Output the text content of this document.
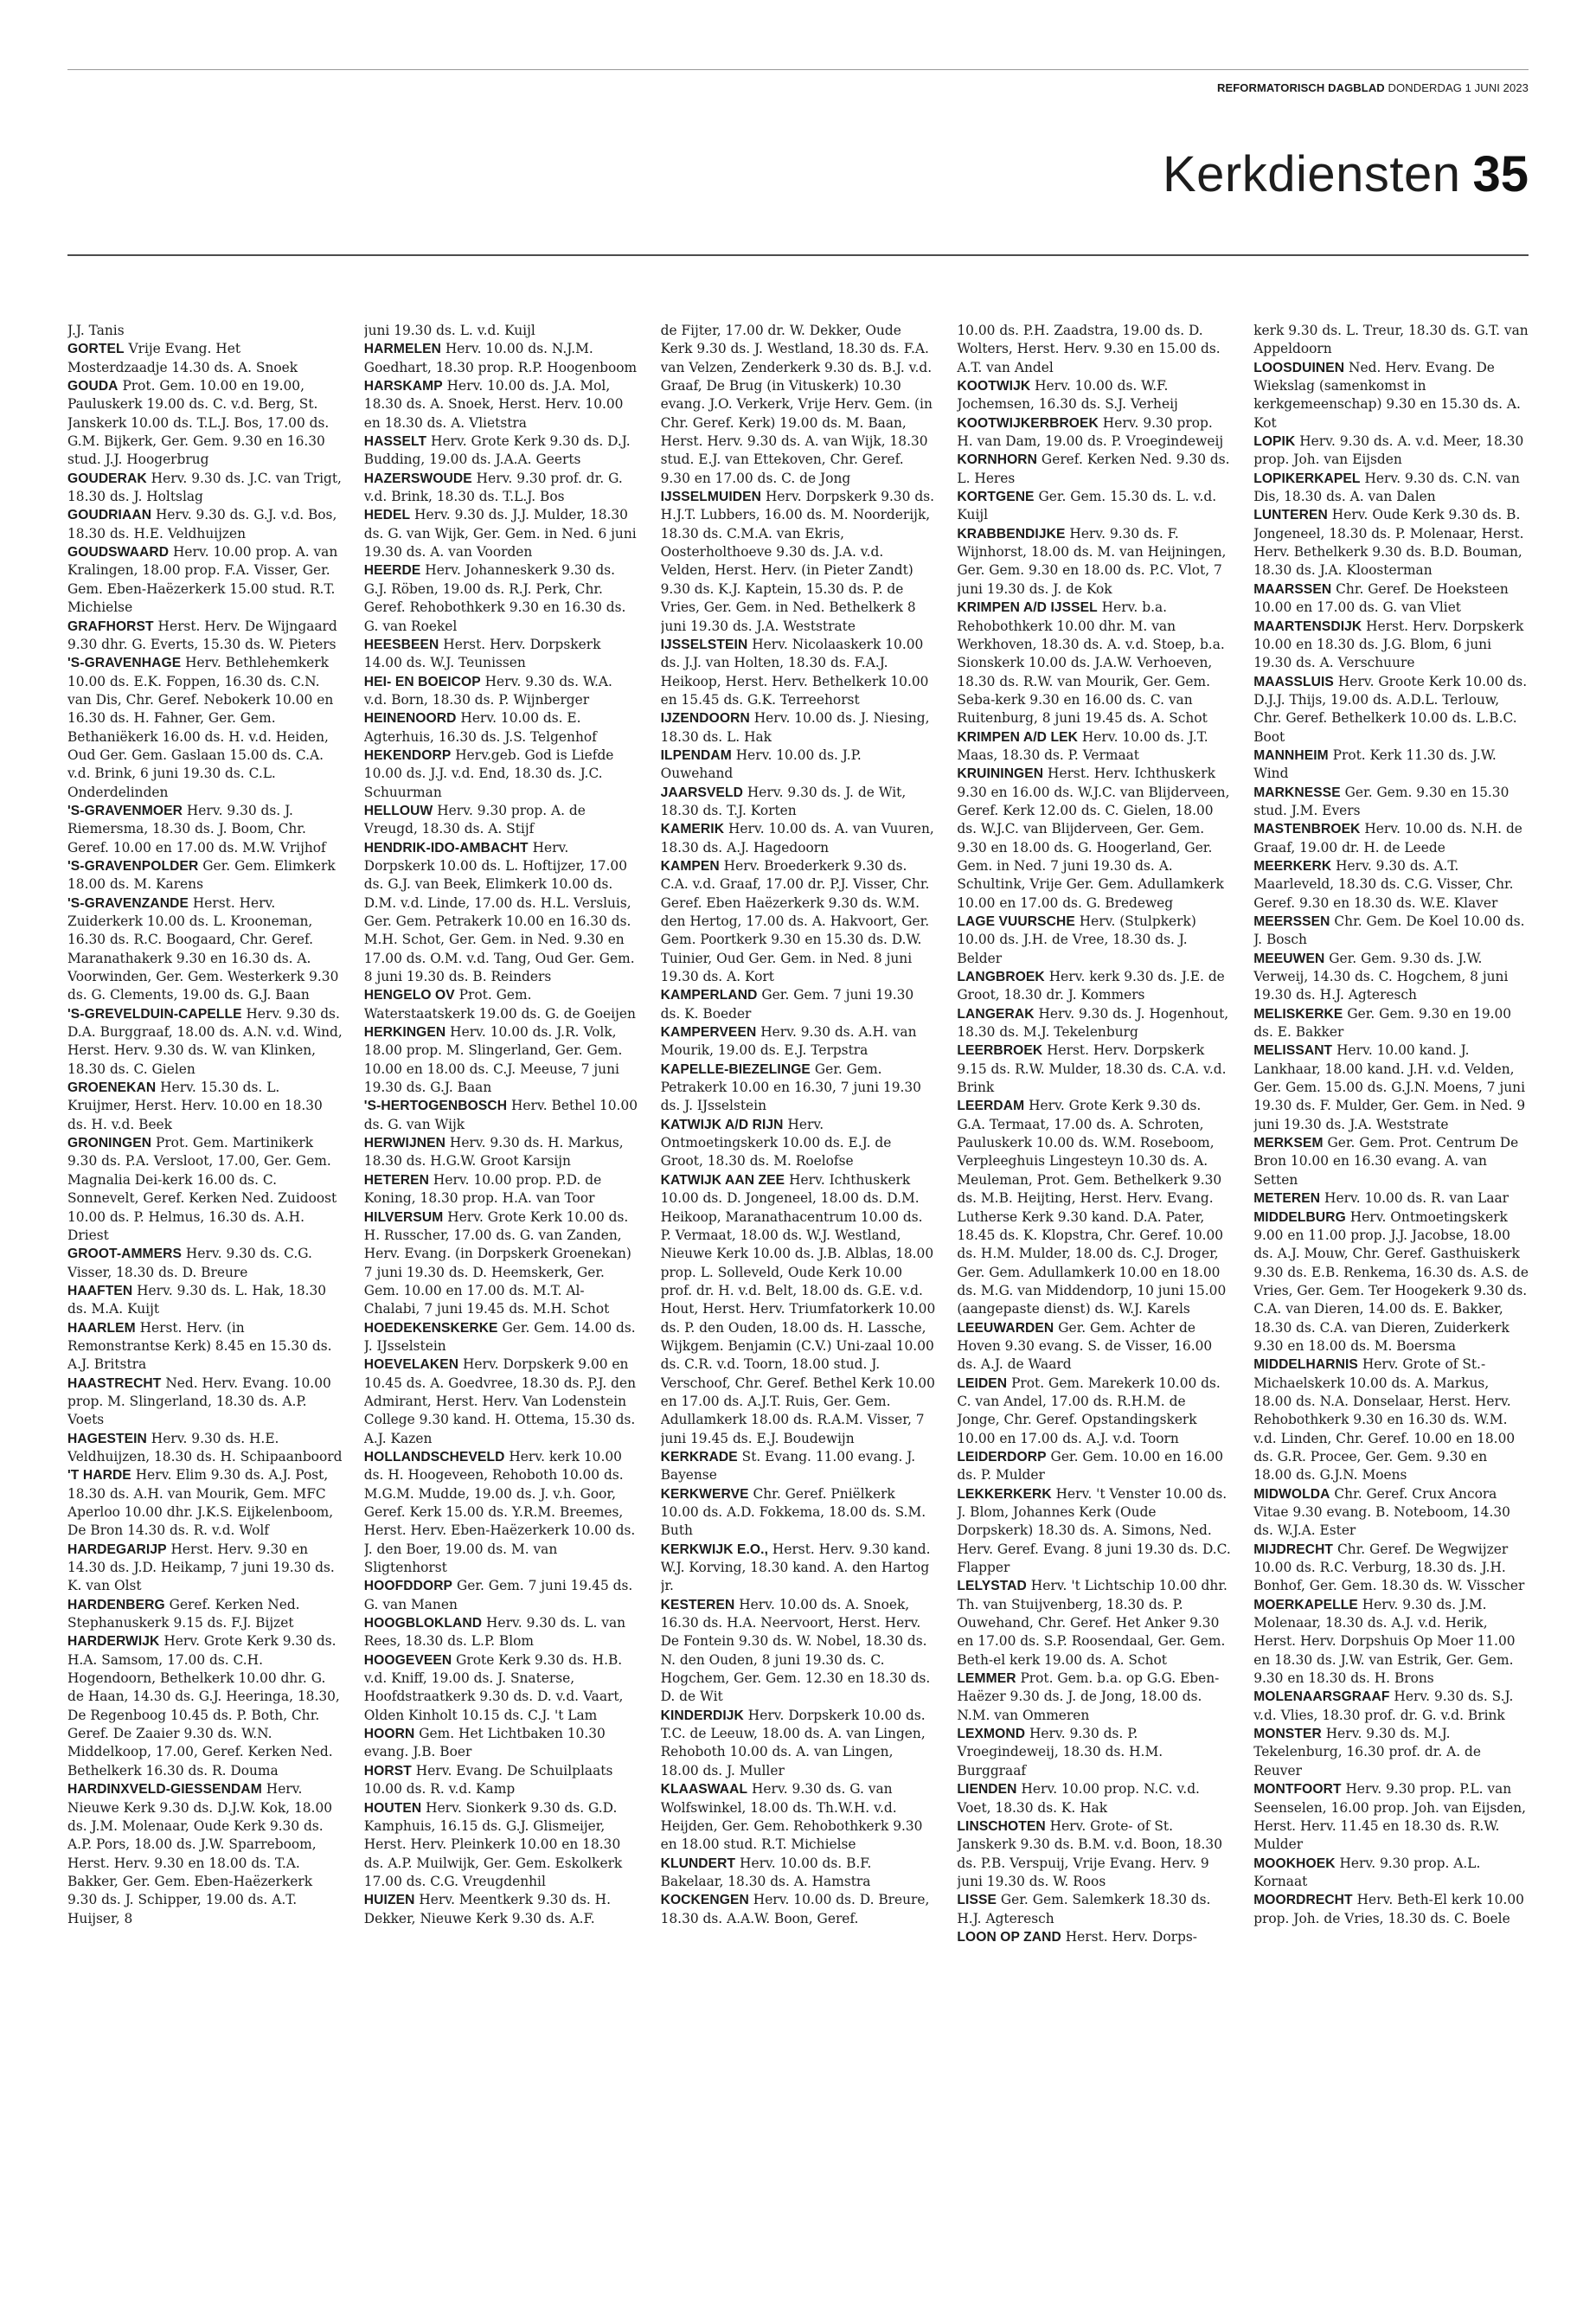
REFORMATORISCH DAGBLAD DONDERDAG 1 JUNI 2023
Kerkdiensten 35

J.J. Tanis

GORTEL Vrije Evang. Het Mosterdzaadje 14.30 ds. A. Snoek

GOUDA Prot. Gem. 10.00 en 19.00, Pauluskerk 19.00 ds. C. v.d. Berg, St. Janskerk 10.00 ds. T.L.J. Bos, 17.00 ds. G.M. Bijkerk, Ger. Gem. 9.30 en 16.30 stud. J.J. Hoogerbrug

GOUDERAK Herv. 9.30 ds. J.C. van Trigt, 18.30 ds. J. Holtslag

GOUDRIAAN Herv. 9.30 ds. G.J. v.d. Bos, 18.30 ds. H.E. Veldhuijzen

GOUDSWAARD Herv. 10.00 prop. A. van Kralingen, 18.00 prop. F.A. Visser, Ger. Gem. Eben-Haëzerkerk 15.00 stud. R.T. Michielse

GRAFHORST Herst. Herv. De Wijngaard 9.30 dhr. G. Everts, 15.30 ds. W. Pieters

'S-GRAVENHAGE Herv. Bethlehemkerk 10.00 ds. E.K. Foppen, 16.30 ds. C.N. van Dis, Chr. Geref. Nebokerk 10.00 en 16.30 ds. H. Fahner, Ger. Gem. Bethaniëkerk 16.00 ds. H. v.d. Heiden, Oud Ger. Gem. Gaslaan 15.00 ds. C.A. v.d. Brink, 6 juni 19.30 ds. C.L. Onderdelinden

'S-GRAVENMOER Herv. 9.30 ds. J. Riemersma, 18.30 ds. J. Boom, Chr. Geref. 10.00 en 17.00 ds. M.W. Vrijhof

'S-GRAVENPOLDER Ger. Gem. Elimkerk 18.00 ds. M. Karens

'S-GRAVENZANDE Herst. Herv. Zuiderkerk 10.00 ds. L. Krooneman, 16.30 ds. R.C. Boogaard, Chr. Geref. Maranathakerk 9.30 en 16.30 ds. A. Voorwinden, Ger. Gem. Westerkerk 9.30 ds. G. Clements, 19.00 ds. G.J. Baan

'S-GREVELDUIN-CAPELLE Herv. 9.30 ds. D.A. Burggraaf, 18.00 ds. A.N. v.d. Wind, Herst. Herv. 9.30 ds. W. van Klinken, 18.30 ds. C. Gielen

GROENEKAN Herv. 15.30 ds. L. Kruijmer, Herst. Herv. 10.00 en 18.30 ds. H. v.d. Beek

GRONINGEN Prot. Gem. Martinikerk 9.30 ds. P.A. Versloot, 17.00, Ger. Gem. Magnalia Dei-kerk 16.00 ds. C. Sonnevelt, Geref. Kerken Ned. Zuidoost 10.00 ds. P. Helmus, 16.30 ds. A.H. Driest

GROOT-AMMERS Herv. 9.30 ds. C.G. Visser, 18.30 ds. D. Breure

HAAFTEN Herv. 9.30 ds. L. Hak, 18.30 ds. M.A. Kuijt

HAARLEM Herst. Herv. (in Remonstrantse Kerk) 8.45 en 15.30 ds. A.J. Britstra

HAASTRECHT Ned. Herv. Evang. 10.00 prop. M. Slingerland, 18.30 ds. A.P. Voets

HAGESTEIN Herv. 9.30 ds. H.E. Veldhuijzen, 18.30 ds. H. Schipaanboord

'T HARDE Herv. Elim 9.30 ds. A.J. Post, 18.30 ds. A.H. van Mourik, Gem. MFC Aperloo 10.00 dhr. J.K.S. Eijkelenboom, De Bron 14.30 ds. R. v.d. Wolf

HARDEGARIJP Herst. Herv. 9.30 en 14.30 ds. J.D. Heikamp, 7 juni 19.30 ds. K. van Olst

HARDENBERG Geref. Kerken Ned. Stephanuskerk 9.15 ds. F.J. Bijzet

HARDERWIJK Herv. Grote Kerk 9.30 ds. H.A. Samsom, 17.00 ds. C.H. Hogendoorn, Bethelkerk 10.00 dhr. G. de Haan, 14.30 ds. G.J. Heeringa, 18.30, De Regenboog 10.45 ds. P. Both, Chr. Geref. De Zaaier 9.30 ds. W.N. Middelkoop, 17.00, Geref. Kerken Ned. Bethelkerk 16.30 ds. R. Douma

HARDINXVELD-GIESSENDAM Herv. Nieuwe Kerk 9.30 ds. D.J.W. Kok, 18.00 ds. J.M. Molenaar, Oude Kerk 9.30 ds. A.P. Pors, 18.00 ds. J.W. Sparreboom, Herst. Herv. 9.30 en 18.00 ds. T.A. Bakker, Ger. Gem. Eben-Haëzerkerk 9.30 ds. J. Schipper, 19.00 ds. A.T. Huijser, 8

juni 19.30 ds. L. v.d. Kuijl

HARMELEN Herv. 10.00 ds. N.J.M. Goedhart, 18.30 prop. R.P. Hoogenboom

HARSKAMP Herv. 10.00 ds. J.A. Mol, 18.30 ds. A. Snoek, Herst. Herv. 10.00 en 18.30 ds. A. Vlietstra

HASSELT Herv. Grote Kerk 9.30 ds. D.J. Budding, 19.00 ds. J.A.A. Geerts

HAZERSWOUDE Herv. 9.30 prof. dr. G. v.d. Brink, 18.30 ds. T.L.J. Bos

HEDEL Herv. 9.30 ds. J.J. Mulder, 18.30 ds. G. van Wijk, Ger. Gem. in Ned. 6 juni 19.30 ds. A. van Voorden

HEERDE Herv. Johanneskerk 9.30 ds. G.J. Röben, 19.00 ds. R.J. Perk, Chr. Geref. Rehobothkerk 9.30 en 16.30 ds. G. van Roekel

HEESBEEN Herst. Herv. Dorpskerk 14.00 ds. W.J. Teunissen

HEI- EN BOEICOP Herv. 9.30 ds. W.A. v.d. Born, 18.30 ds. P. Wijnberger

HEINENOORD Herv. 10.00 ds. E. Agterhuis, 16.30 ds. J.S. Telgenhof

HEKENDORP Herv.geb. God is Liefde 10.00 ds. J.J. v.d. End, 18.30 ds. J.C. Schuurman

HELLOUW Herv. 9.30 prop. A. de Vreugd, 18.30 ds. A. Stijf

HENDRIK-IDO-AMBACHT Herv. Dorpskerk 10.00 ds. L. Hoftijzer, 17.00 ds. G.J. van Beek, Elimkerk 10.00 ds. D.M. v.d. Linde, 17.00 ds. H.L. Versluis, Ger. Gem. Petrakerk 10.00 en 16.30 ds. M.H. Schot, Ger. Gem. in Ned. 9.30 en 17.00 ds. O.M. v.d. Tang, Oud Ger. Gem. 8 juni 19.30 ds. B. Reinders

HENGELO OV Prot. Gem. Waterstaatskerk 19.00 ds. G. de Goeijen

HERKINGEN Herv. 10.00 ds. J.R. Volk, 18.00 prop. M. Slingerland, Ger. Gem. 10.00 en 18.00 ds. C.J. Meeuse, 7 juni 19.30 ds. G.J. Baan

'S-HERTOGENBOSCH Herv. Bethel 10.00 ds. G. van Wijk

HERWIJNEN Herv. 9.30 ds. H. Markus, 18.30 ds. H.G.W. Groot Karsijn

HETEREN Herv. 10.00 prop. P.D. de Koning, 18.30 prop. H.A. van Toor

HILVERSUM Herv. Grote Kerk 10.00 ds. H. Russcher, 17.00 ds. G. van Zanden, Herv. Evang. (in Dorpskerk Groenekan) 7 juni 19.30 ds. D. Heemskerk, Ger. Gem. 10.00 en 17.00 ds. M.T. Al-Chalabi, 7 juni 19.45 ds. M.H. Schot

HOEDEKENSKERKE Ger. Gem. 14.00 ds. J. IJsselstein

HOEVELAKEN Herv. Dorpskerk 9.00 en 10.45 ds. A. Goedvree, 18.30 ds. P.J. den Admirant, Herst. Herv. Van Lodenstein College 9.30 kand. H. Ottema, 15.30 ds. A.J. Kazen

HOLLANDSCHEVELD Herv. kerk 10.00 ds. H. Hoogeveen, Rehoboth 10.00 ds. M.G.M. Mudde, 19.00 ds. J. v.h. Goor, Geref. Kerk 15.00 ds. Y.R.M. Breemes, Herst. Herv. Eben-Haëzerkerk 10.00 ds. J. den Boer, 19.00 ds. M. van Sligtenhorst

HOOFDDORP Ger. Gem. 7 juni 19.45 ds. G. van Manen

HOOGBLOKLAND Herv. 9.30 ds. L. van Rees, 18.30 ds. L.P. Blom

HOOGEVEEN Grote Kerk 9.30 ds. H.B. v.d. Kniff, 19.00 ds. J. Snaterse, Hoofdstraatkerk 9.30 ds. D. v.d. Vaart, Olden Kinholt 10.15 ds. C.J. 't Lam

HOORN Gem. Het Lichtbaken 10.30 evang. J.B. Boer

HORST Herv. Evang. De Schuilplaats 10.00 ds. R. v.d. Kamp

HOUTEN Herv. Sionkerk 9.30 ds. G.D. Kamphuis, 16.15 ds. G.J. Glismeijer, Herst. Herv. Pleinkerk 10.00 en 18.30 ds. A.P. Muilwijk, Ger. Gem. Eskolkerk 17.00 ds. C.G. Vreugdenhil

HUIZEN Herv. Meentkerk 9.30 ds. H. Dekker, Nieuwe Kerk 9.30 ds. A.F.

de Fijter, 17.00 dr. W. Dekker, Oude Kerk 9.30 ds. J. Westland, 18.30 ds. F.A. van Velzen, Zenderkerk 9.30 ds. B.J. v.d. Graaf, De Brug (in Vituskerk) 10.30 evang. J.O. Verkerk, Vrije Herv. Gem. (in Chr. Geref. Kerk) 19.00 ds. M. Baan, Herst. Herv. 9.30 ds. A. van Wijk, 18.30 stud. E.J. van Ettekoven, Chr. Geref. 9.30 en 17.00 ds. C. de Jong

IJSSELMUIDEN Herv. Dorpskerk 9.30 ds. H.J.T. Lubbers, 16.00 ds. M. Noorderijk, 18.30 ds. C.M.A. van Ekris, Oosterholthoeve 9.30 ds. J.A. v.d. Velden, Herst. Herv. (in Pieter Zandt) 9.30 ds. K.J. Kaptein, 15.30 ds. P. de Vries, Ger. Gem. in Ned. Bethelkerk 8 juni 19.30 ds. J.A. Weststrate

IJSSELSTEIN Herv. Nicolaaskerk 10.00 ds. J.J. van Holten, 18.30 ds. F.A.J. Heikoop, Herst. Herv. Bethelkerk 10.00 en 15.45 ds. G.K. Terreehorst

IJZENDOORN Herv. 10.00 ds. J. Niesing, 18.30 ds. L. Hak

ILPENDAM Herv. 10.00 ds. J.P. Ouwehand

JAARSVELD Herv. 9.30 ds. J. de Wit, 18.30 ds. T.J. Korten

KAMERIK Herv. 10.00 ds. A. van Vuuren, 18.30 ds. A.J. Hagedoorn

KAMPEN Herv. Broederkerk 9.30 ds. C.A. v.d. Graaf, 17.00 dr. P.J. Visser, Chr. Geref. Eben Haëzerkerk 9.30 ds. W.M. den Hertog, 17.00 ds. A. Hakvoort, Ger. Gem. Poortkerk 9.30 en 15.30 ds. D.W. Tuinier, Oud Ger. Gem. in Ned. 8 juni 19.30 ds. A. Kort

KAMPERLAND Ger. Gem. 7 juni 19.30 ds. K. Boeder

KAMPERVEEN Herv. 9.30 ds. A.H. van Mourik, 19.00 ds. E.J. Terpstra

KAPELLE-BIEZELINGE Ger. Gem. Petrakerk 10.00 en 16.30, 7 juni 19.30 ds. J. IJsselstein

KATWIJK A/D RIJN Herv. Ontmoetingskerk 10.00 ds. E.J. de Groot, 18.30 ds. M. Roelofse

KATWIJK AAN ZEE Herv. Ichthuskerk 10.00 ds. D. Jongeneel, 18.00 ds. D.M. Heikoop, Maranathacentrum 10.00 ds. P. Vermaat, 18.00 ds. W.J. Westland, Nieuwe Kerk 10.00 ds. J.B. Alblas, 18.00 prop. L. Solleveld, Oude Kerk 10.00 prof. dr. H. v.d. Belt, 18.00 ds. G.E. v.d. Hout, Herst. Herv. Triumfatorkerk 10.00 ds. P. den Ouden, 18.00 ds. H. Lassche, Wijkgem. Benjamin (C.V.) Uni-zaal 10.00 ds. C.R. v.d. Toorn, 18.00 stud. J. Verschoof, Chr. Geref. Bethel Kerk 10.00 en 17.00 ds. A.J.T. Ruis, Ger. Gem. Adullamkerk 18.00 ds. R.A.M. Visser, 7 juni 19.45 ds. E.J. Boudewijn

KERKRADE St. Evang. 11.00 evang. J. Bayense

KERKWERVE Chr. Geref. Pniëlkerk 10.00 ds. A.D. Fokkema, 18.00 ds. S.M. Buth

KERKWIJK E.O., Herst. Herv. 9.30 kand. W.J. Korving, 18.30 kand. A. den Hartog jr.

KESTEREN Herv. 10.00 ds. A. Snoek, 16.30 ds. H.A. Neervoort, Herst. Herv. De Fontein 9.30 ds. W. Nobel, 18.30 ds. N. den Ouden, 8 juni 19.30 ds. C. Hogchem, Ger. Gem. 12.30 en 18.30 ds. D. de Wit

KINDERDIJK Herv. Dorpskerk 10.00 ds. T.C. de Leeuw, 18.00 ds. A. van Lingen, Rehoboth 10.00 ds. A. van Lingen, 18.00 ds. J. Muller

KLAASWAAL Herv. 9.30 ds. G. van Wolfswinkel, 18.00 ds. Th.W.H. v.d. Heijden, Ger. Gem. Rehobothkerk 9.30 en 18.00 stud. R.T. Michielse

KLUNDERT Herv. 10.00 ds. B.F. Bakelaar, 18.30 ds. A. Hamstra

KOCKENGEN Herv. 10.00 ds. D. Breure, 18.30 ds. A.A.W. Boon, Geref.

10.00 ds. P.H. Zaadstra, 19.00 ds. D. Wolters, Herst. Herv. 9.30 en 15.00 ds. A.T. van Andel

KOOTWIJK Herv. 10.00 ds. W.F. Jochemsen, 16.30 ds. S.J. Verheij

KOOTWIJKERBROEK Herv. 9.30 prop. H. van Dam, 19.00 ds. P. Vroegindeweij

KORNHORN Geref. Kerken Ned. 9.30 ds. L. Heres

KORTGENE Ger. Gem. 15.30 ds. L. v.d. Kuijl

KRABBENDIJKE Herv. 9.30 ds. F. Wijnhorst, 18.00 ds. M. van Heijningen, Ger. Gem. 9.30 en 18.00 ds. P.C. Vlot, 7 juni 19.30 ds. J. de Kok

KRIMPEN A/D IJSSEL Herv. b.a. Rehobothkerk 10.00 dhr. M. van Werkhoven, 18.30 ds. A. v.d. Stoep, b.a. Sionskerk 10.00 ds. J.A.W. Verhoeven, 18.30 ds. R.W. van Mourik, Ger. Gem. Seba-kerk 9.30 en 16.00 ds. C. van Ruitenburg, 8 juni 19.45 ds. A. Schot

KRIMPEN A/D LEK Herv. 10.00 ds. J.T. Maas, 18.30 ds. P. Vermaat

KRUININGEN Herst. Herv. Ichthuskerk 9.30 en 16.00 ds. W.J.C. van Blijderveen, Geref. Kerk 12.00 ds. C. Gielen, 18.00 ds. W.J.C. van Blijderveen, Ger. Gem. 9.30 en 18.00 ds. G. Hoogerland, Ger. Gem. in Ned. 7 juni 19.30 ds. A. Schultink, Vrije Ger. Gem. Adullamkerk 10.00 en 17.00 ds. G. Bredeweg

LAGE VUURSCHE Herv. (Stulpkerk) 10.00 ds. J.H. de Vree, 18.30 ds. J. Belder

LANGBROEK Herv. kerk 9.30 ds. J.E. de Groot, 18.30 dr. J. Kommers

LANGERAK Herv. 9.30 ds. J. Hogenhout, 18.30 ds. M.J. Tekelenburg

LEERBROEK Herst. Herv. Dorpskerk 9.15 ds. R.W. Mulder, 18.30 ds. C.A. v.d. Brink

LEERDAM Herv. Grote Kerk 9.30 ds. G.A. Termaat, 17.00 ds. A. Schroten, Pauluskerk 10.00 ds. W.M. Roseboom, Verpleeghuis Lingesteyn 10.30 ds. A. Meuleman, Prot. Gem. Bethelkerk 9.30 ds. M.B. Heijting, Herst. Herv. Evang. Lutherse Kerk 9.30 kand. D.A. Pater, 18.45 ds. K. Klopstra, Chr. Geref. 10.00 ds. H.M. Mulder, 18.00 ds. C.J. Droger, Ger. Gem. Adullamkerk 10.00 en 18.00 ds. M.G. van Middendorp, 10 juni 15.00 (aangepaste dienst) ds. W.J. Karels

LEEUWARDEN Ger. Gem. Achter de Hoven 9.30 evang. S. de Visser, 16.00 ds. A.J. de Waard

LEIDEN Prot. Gem. Marekerk 10.00 ds. C. van Andel, 17.00 ds. R.H.M. de Jonge, Chr. Geref. Opstandingskerk 10.00 en 17.00 ds. A.J. v.d. Toorn

LEIDERDORP Ger. Gem. 10.00 en 16.00 ds. P. Mulder

LEKKERKERK Herv. 't Venster 10.00 ds. J. Blom, Johannes Kerk (Oude Dorpskerk) 18.30 ds. A. Simons, Ned. Herv. Geref. Evang. 8 juni 19.30 ds. D.C. Flapper

LELYSTAD Herv. 't Lichtschip 10.00 dhr. Th. van Stuijvenberg, 18.30 ds. P. Ouwehand, Chr. Geref. Het Anker 9.30 en 17.00 ds. S.P. Roosendaal, Ger. Gem. Beth-el kerk 19.00 ds. A. Schot

LEMMER Prot. Gem. b.a. op G.G. Eben-Haëzer 9.30 ds. J. de Jong, 18.00 ds. N.M. van Ommeren

LEXMOND Herv. 9.30 ds. P. Vroegindeweij, 18.30 ds. H.M. Burggraaf

LIENDEN Herv. 10.00 prop. N.C. v.d. Voet, 18.30 ds. K. Hak

LINSCHOTEN Herv. Grote- of St. Janskerk 9.30 ds. B.M. v.d. Boon, 18.30 ds. P.B. Verspuij, Vrije Evang. Herv. 9 juni 19.30 ds. W. Roos

LISSE Ger. Gem. Salemkerk 18.30 ds. H.J. Agteresch

LOON OP ZAND Herst. Herv. Dorps-

kerk 9.30 ds. L. Treur, 18.30 ds. G.T. van Appeldoorn

LOOSDUINEN Ned. Herv. Evang. De Wiekslag (samenkomst in kerkgemeenschap) 9.30 en 15.30 ds. A. Kot

LOPIK Herv. 9.30 ds. A. v.d. Meer, 18.30 prop. Joh. van Eijsden

LOPIKERKAPEL Herv. 9.30 ds. C.N. van Dis, 18.30 ds. A. van Dalen

LUNTEREN Herv. Oude Kerk 9.30 ds. B. Jongeneel, 18.30 ds. P. Molenaar, Herst. Herv. Bethelkerk 9.30 ds. B.D. Bouman, 18.30 ds. J.A. Kloosterman

MAARSSEN Chr. Geref. De Hoeksteen 10.00 en 17.00 ds. G. van Vliet

MAARTENSDIJK Herst. Herv. Dorpskerk 10.00 en 18.30 ds. J.G. Blom, 6 juni 19.30 ds. A. Verschuure

MAASSLUIS Herv. Groote Kerk 10.00 ds. D.J.J. Thijs, 19.00 ds. A.D.L. Terlouw, Chr. Geref. Bethelkerk 10.00 ds. L.B.C. Boot

MANNHEIM Prot. Kerk 11.30 ds. J.W. Wind

MARKNESSE Ger. Gem. 9.30 en 15.30 stud. J.M. Evers

MASTENBROEK Herv. 10.00 ds. N.H. de Graaf, 19.00 dr. H. de Leede

MEERKERK Herv. 9.30 ds. A.T. Maarleveld, 18.30 ds. C.G. Visser, Chr. Geref. 9.30 en 18.30 ds. W.E. Klaver

MEERSSEN Chr. Gem. De Koel 10.00 ds. J. Bosch

MEEUWEN Ger. Gem. 9.30 ds. J.W. Verweij, 14.30 ds. C. Hogchem, 8 juni 19.30 ds. H.J. Agteresch

MELISKERKE Ger. Gem. 9.30 en 19.00 ds. E. Bakker

MELISSANT Herv. 10.00 kand. J. Lankhaar, 18.00 kand. J.H. v.d. Velden, Ger. Gem. 15.00 ds. G.J.N. Moens, 7 juni 19.30 ds. F. Mulder, Ger. Gem. in Ned. 9 juni 19.30 ds. J.A. Weststrate

MERKSEM Ger. Gem. Prot. Centrum De Bron 10.00 en 16.30 evang. A. van Setten

METEREN Herv. 10.00 ds. R. van Laar

MIDDELBURG Herv. Ontmoetingskerk 9.00 en 11.00 prop. J.J. Jacobse, 18.00 ds. A.J. Mouw, Chr. Geref. Gasthuiskerk 9.30 ds. E.B. Renkema, 16.30 ds. A.S. de Vries, Ger. Gem. Ter Hoogekerk 9.30 ds. C.A. van Dieren, 14.00 ds. E. Bakker, 18.30 ds. C.A. van Dieren, Zuiderkerk 9.30 en 18.00 ds. M. Boersma

MIDDELHARNIS Herv. Grote of St.-Michaelskerk 10.00 ds. A. Markus, 18.00 ds. N.A. Donselaar, Herst. Herv. Rehobothkerk 9.30 en 16.30 ds. W.M. v.d. Linden, Chr. Geref. 10.00 en 18.00 ds. G.R. Procee, Ger. Gem. 9.30 en 18.00 ds. G.J.N. Moens

MIDWOLDA Chr. Geref. Crux Ancora Vitae 9.30 evang. B. Noteboom, 14.30 ds. W.J.A. Ester

MIJDRECHT Chr. Geref. De Wegwijzer 10.00 ds. R.C. Verburg, 18.30 ds. J.H. Bonhof, Ger. Gem. 18.30 ds. W. Visscher

MOERKAPELLE Herv. 9.30 ds. J.M. Molenaar, 18.30 ds. A.J. v.d. Herik, Herst. Herv. Dorpshuis Op Moer 11.00 en 18.30 ds. J.W. van Estrik, Ger. Gem. 9.30 en 18.30 ds. H. Brons

MOLENAARSGRAAF Herv. 9.30 ds. S.J. v.d. Vlies, 18.30 prof. dr. G. v.d. Brink

MONSTER Herv. 9.30 ds. M.J. Tekelenburg, 16.30 prof. dr. A. de Reuver

MONTFOORT Herv. 9.30 prop. P.L. van Seenselen, 16.00 prop. Joh. van Eijsden, Herst. Herv. 11.45 en 18.30 ds. R.W. Mulder

MOOKHOEK Herv. 9.30 prop. A.L. Kornaat

MOORDRECHT Herv. Beth-El kerk 10.00 prop. Joh. de Vries, 18.30 ds. C. Boele
